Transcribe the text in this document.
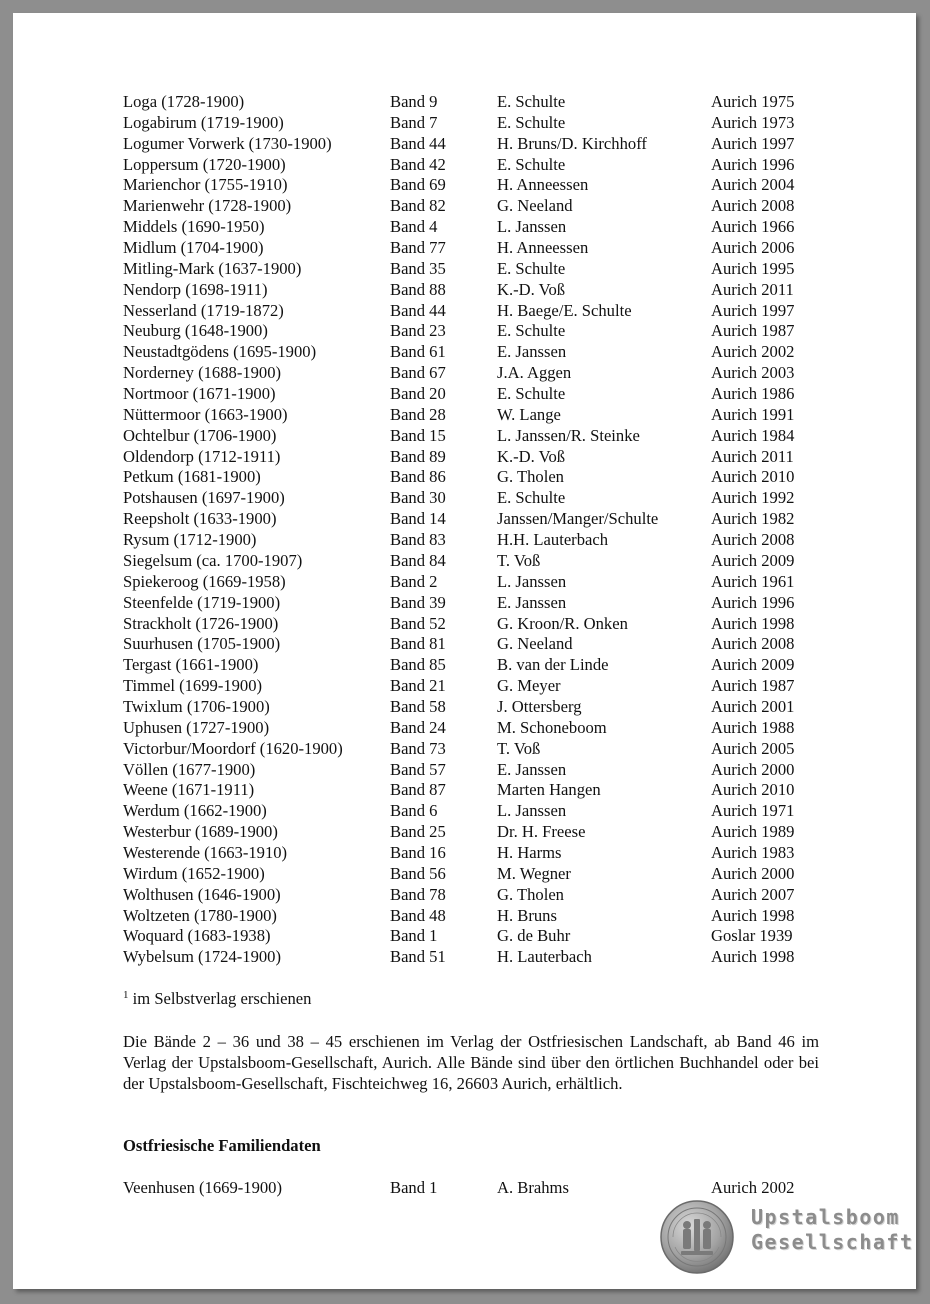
Loga (1728-1900)	Band 9	E. Schulte	Aurich 1975
Logabirum (1719-1900)	Band 7	E. Schulte	Aurich 1973
Logumer Vorwerk (1730-1900)	Band 44	H. Bruns/D. Kirchhoff	Aurich 1997
Loppersum (1720-1900)	Band 42	E. Schulte	Aurich 1996
Marienchor (1755-1910)	Band 69	H. Anneessen	Aurich 2004
Marienwehr (1728-1900)	Band 82	G. Neeland	Aurich 2008
Middels (1690-1950)	Band 4	L. Janssen	Aurich 1966
Midlum (1704-1900)	Band 77	H. Anneessen	Aurich 2006
Mitling-Mark (1637-1900)	Band 35	E. Schulte	Aurich 1995
Nendorp (1698-1911)	Band 88	K.-D. Voß	Aurich 2011
Nesserland (1719-1872)	Band 44	H. Baege/E. Schulte	Aurich 1997
Neuburg (1648-1900)	Band 23	E. Schulte	Aurich 1987
Neustadtgödens (1695-1900)	Band 61	E. Janssen	Aurich 2002
Norderney (1688-1900)	Band 67	J.A. Aggen	Aurich 2003
Nortmoor (1671-1900)	Band 20	E. Schulte	Aurich 1986
Nüttermoor (1663-1900)	Band 28	W. Lange	Aurich 1991
Ochtelbur (1706-1900)	Band 15	L. Janssen/R. Steinke	Aurich 1984
Oldendorp (1712-1911)	Band 89	K.-D. Voß	Aurich 2011
Petkum (1681-1900)	Band 86	G. Tholen	Aurich 2010
Potshausen (1697-1900)	Band 30	E. Schulte	Aurich 1992
Reepsholt (1633-1900)	Band 14	Janssen/Manger/Schulte	Aurich 1982
Rysum (1712-1900)	Band 83	H.H. Lauterbach	Aurich 2008
Siegelsum (ca. 1700-1907)	Band 84	T. Voß	Aurich 2009
Spiekeroog (1669-1958)	Band 2	L. Janssen	Aurich 1961
Steenfelde (1719-1900)	Band 39	E. Janssen	Aurich 1996
Strackholt (1726-1900)	Band 52	G. Kroon/R. Onken	Aurich 1998
Suurhusen (1705-1900)	Band 81	G. Neeland	Aurich 2008
Tergast (1661-1900)	Band 85	B. van der Linde	Aurich 2009
Timmel (1699-1900)	Band 21	G. Meyer	Aurich 1987
Twixlum (1706-1900)	Band 58	J. Ottersberg	Aurich 2001
Uphusen (1727-1900)	Band 24	M. Schoneboom	Aurich 1988
Victorbur/Moordorf (1620-1900)	Band 73	T. Voß	Aurich 2005
Völlen (1677-1900)	Band 57	E. Janssen	Aurich 2000
Weene (1671-1911)	Band 87	Marten Hangen	Aurich 2010
Werdum (1662-1900)	Band 6	L. Janssen	Aurich 1971
Westerbur (1689-1900)	Band 25	Dr. H. Freese	Aurich 1989
Westerende (1663-1910)	Band 16	H. Harms	Aurich 1983
Wirdum (1652-1900)	Band 56	M. Wegner	Aurich 2000
Wolthusen (1646-1900)	Band 78	G. Tholen	Aurich 2007
Woltzeten (1780-1900)	Band 48	H. Bruns	Aurich 1998
Woquard (1683-1938)	Band 1	G. de Buhr	Goslar 1939
Wybelsum (1724-1900)	Band 51	H. Lauterbach	Aurich 1998
$^1$ im Selbstverlag erschienen
Die Bände 2 – 36 und 38 – 45 erschienen im Verlag der Ostfriesischen Landschaft, ab Band 46 im Verlag der Upstalsboom-Gesellschaft, Aurich. Alle Bände sind über den örtlichen Buchhandel oder bei der Upstalsboom-Gesellschaft, Fischteichweg 16, 26603 Aurich, erhältlich.
Ostfriesische Familiendaten
Veenhusen (1669-1900)	Band 1	A. Brahms	Aurich 2002
Upstalsboom
Gesellschaft
